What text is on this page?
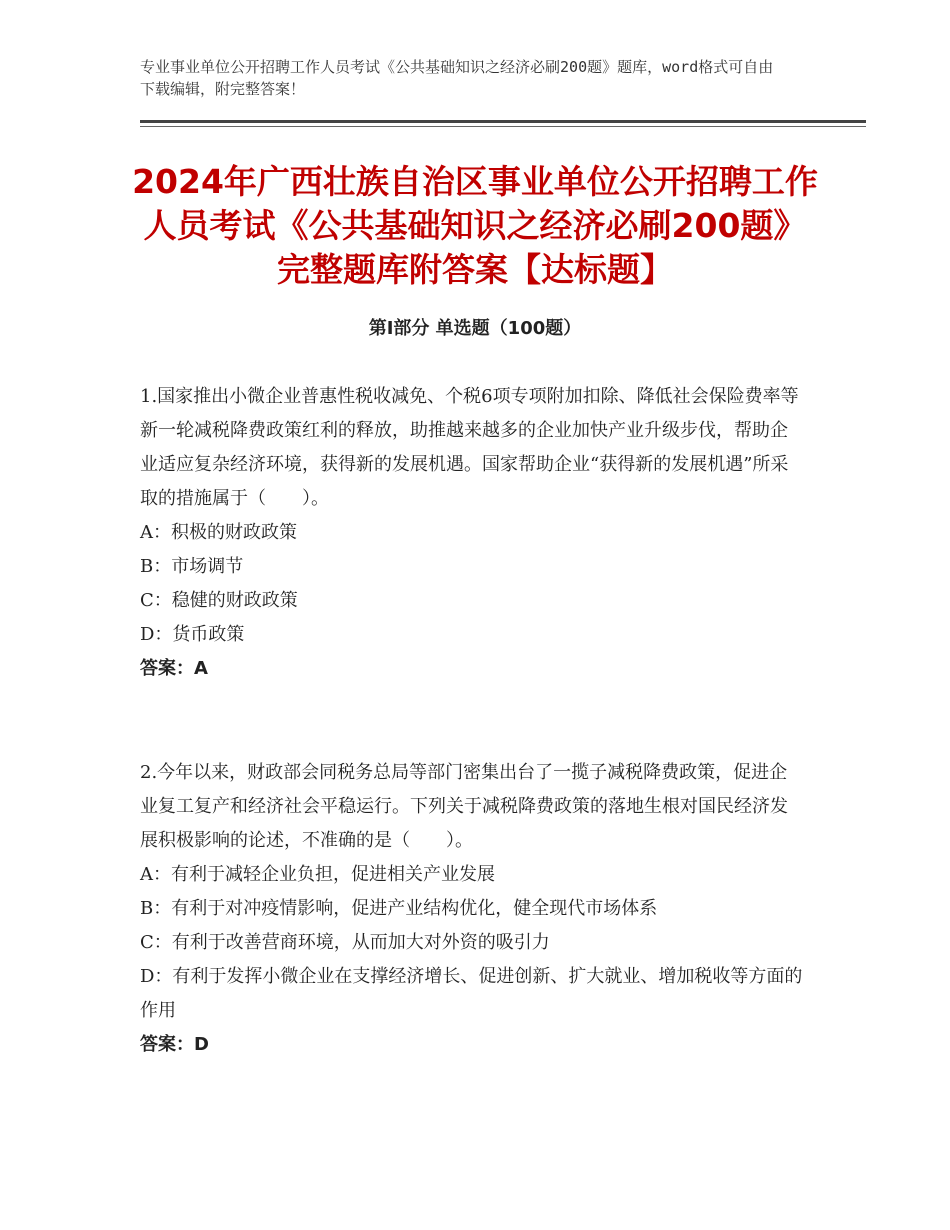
专业事业单位公开招聘工作人员考试《公共基础知识之经济必刷200题》题库，word格式可自由下载编辑，附完整答案！
2024年广西壮族自治区事业单位公开招聘工作人员考试《公共基础知识之经济必刷200题》完整题库附答案【达标题】
第Ⅰ部分 单选题（100题）

1.国家推出小微企业普惠性税收减免、个税6项专项附加扣除、降低社会保险费率等新一轮减税降费政策红利的释放，助推越来越多的企业加快产业升级步伐，帮助企业适应复杂经济环境，获得新的发展机遇。国家帮助企业“获得新的发展机遇”所采取的措施属于（　　）。

A：积极的财政政策

B：市场调节

C：稳健的财政政策

D：货币政策

答案：A

2.今年以来，财政部会同税务总局等部门密集出台了一揽子减税降费政策，促进企业复工复产和经济社会平稳运行。下列关于减税降费政策的落地生根对国民经济发展积极影响的论述，不准确的是（　　）。

A：有利于减轻企业负担，促进相关产业发展

B：有利于对冲疫情影响，促进产业结构优化，健全现代市场体系

C：有利于改善营商环境，从而加大对外资的吸引力

D：有利于发挥小微企业在支撑经济增长、促进创新、扩大就业、增加税收等方面的作用

答案：D
